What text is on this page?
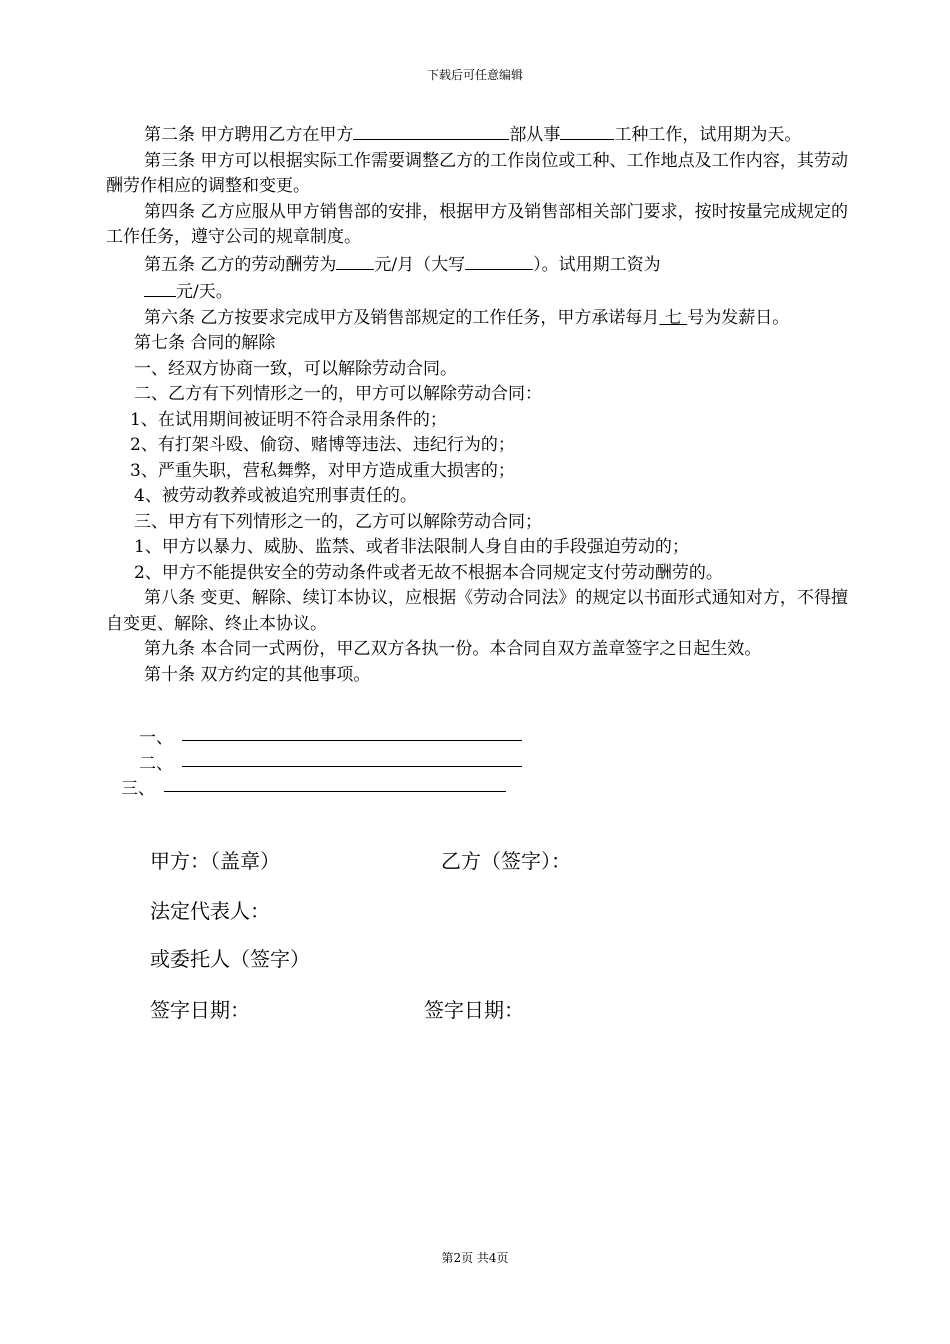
下载后可任意编辑

第二条 甲方聘用乙方在甲方	部从事	工种工作，试用期为天。

第三条 甲方可以根据实际工作需要调整乙方的工作岗位或工种、工作地点及工作内容，其劳动酬劳作相应的调整和变更。

第四条 乙方应服从甲方销售部的安排，根据甲方及销售部相关部门要求，按时按量完成规定的工作任务，遵守公司的规章制度。

第五条 乙方的劳动酬劳为 元/月（大写	）。试用期工资为

元/天。

第六条 乙方按要求完成甲方及销售部规定的工作任务，甲方承诺每月 七 号为发薪日。

第七条 合同的解除

一、经双方协商一致，可以解除劳动合同。

二、乙方有下列情形之一的，甲方可以解除劳动合同：

1、在试用期间被证明不符合录用条件的；

2、有打架斗殴、偷窃、赌博等违法、违纪行为的；

3、严重失职，营私舞弊，对甲方造成重大损害的；

4、被劳动教养或被追究刑事责任的。

三、甲方有下列情形之一的，乙方可以解除劳动合同；

1、甲方以暴力、威胁、监禁、或者非法限制人身自由的手段强迫劳动的；

2、甲方不能提供安全的劳动条件或者无故不根据本合同规定支付劳动酬劳的。

第八条 变更、解除、续订本协议，应根据《劳动合同法》的规定以书面形式通知对方，不得擅自变更、解除、终止本协议。

第九条 本合同一式两份，甲乙双方各执一份。本合同自双方盖章签字之日起生效。

第十条 双方约定的其他事项。

一、
二、
三、
甲方：（盖章）	乙方（签字）：
法定代表人：
或委托人（签字）
签字日期：	签字日期：
第2页 共4页
